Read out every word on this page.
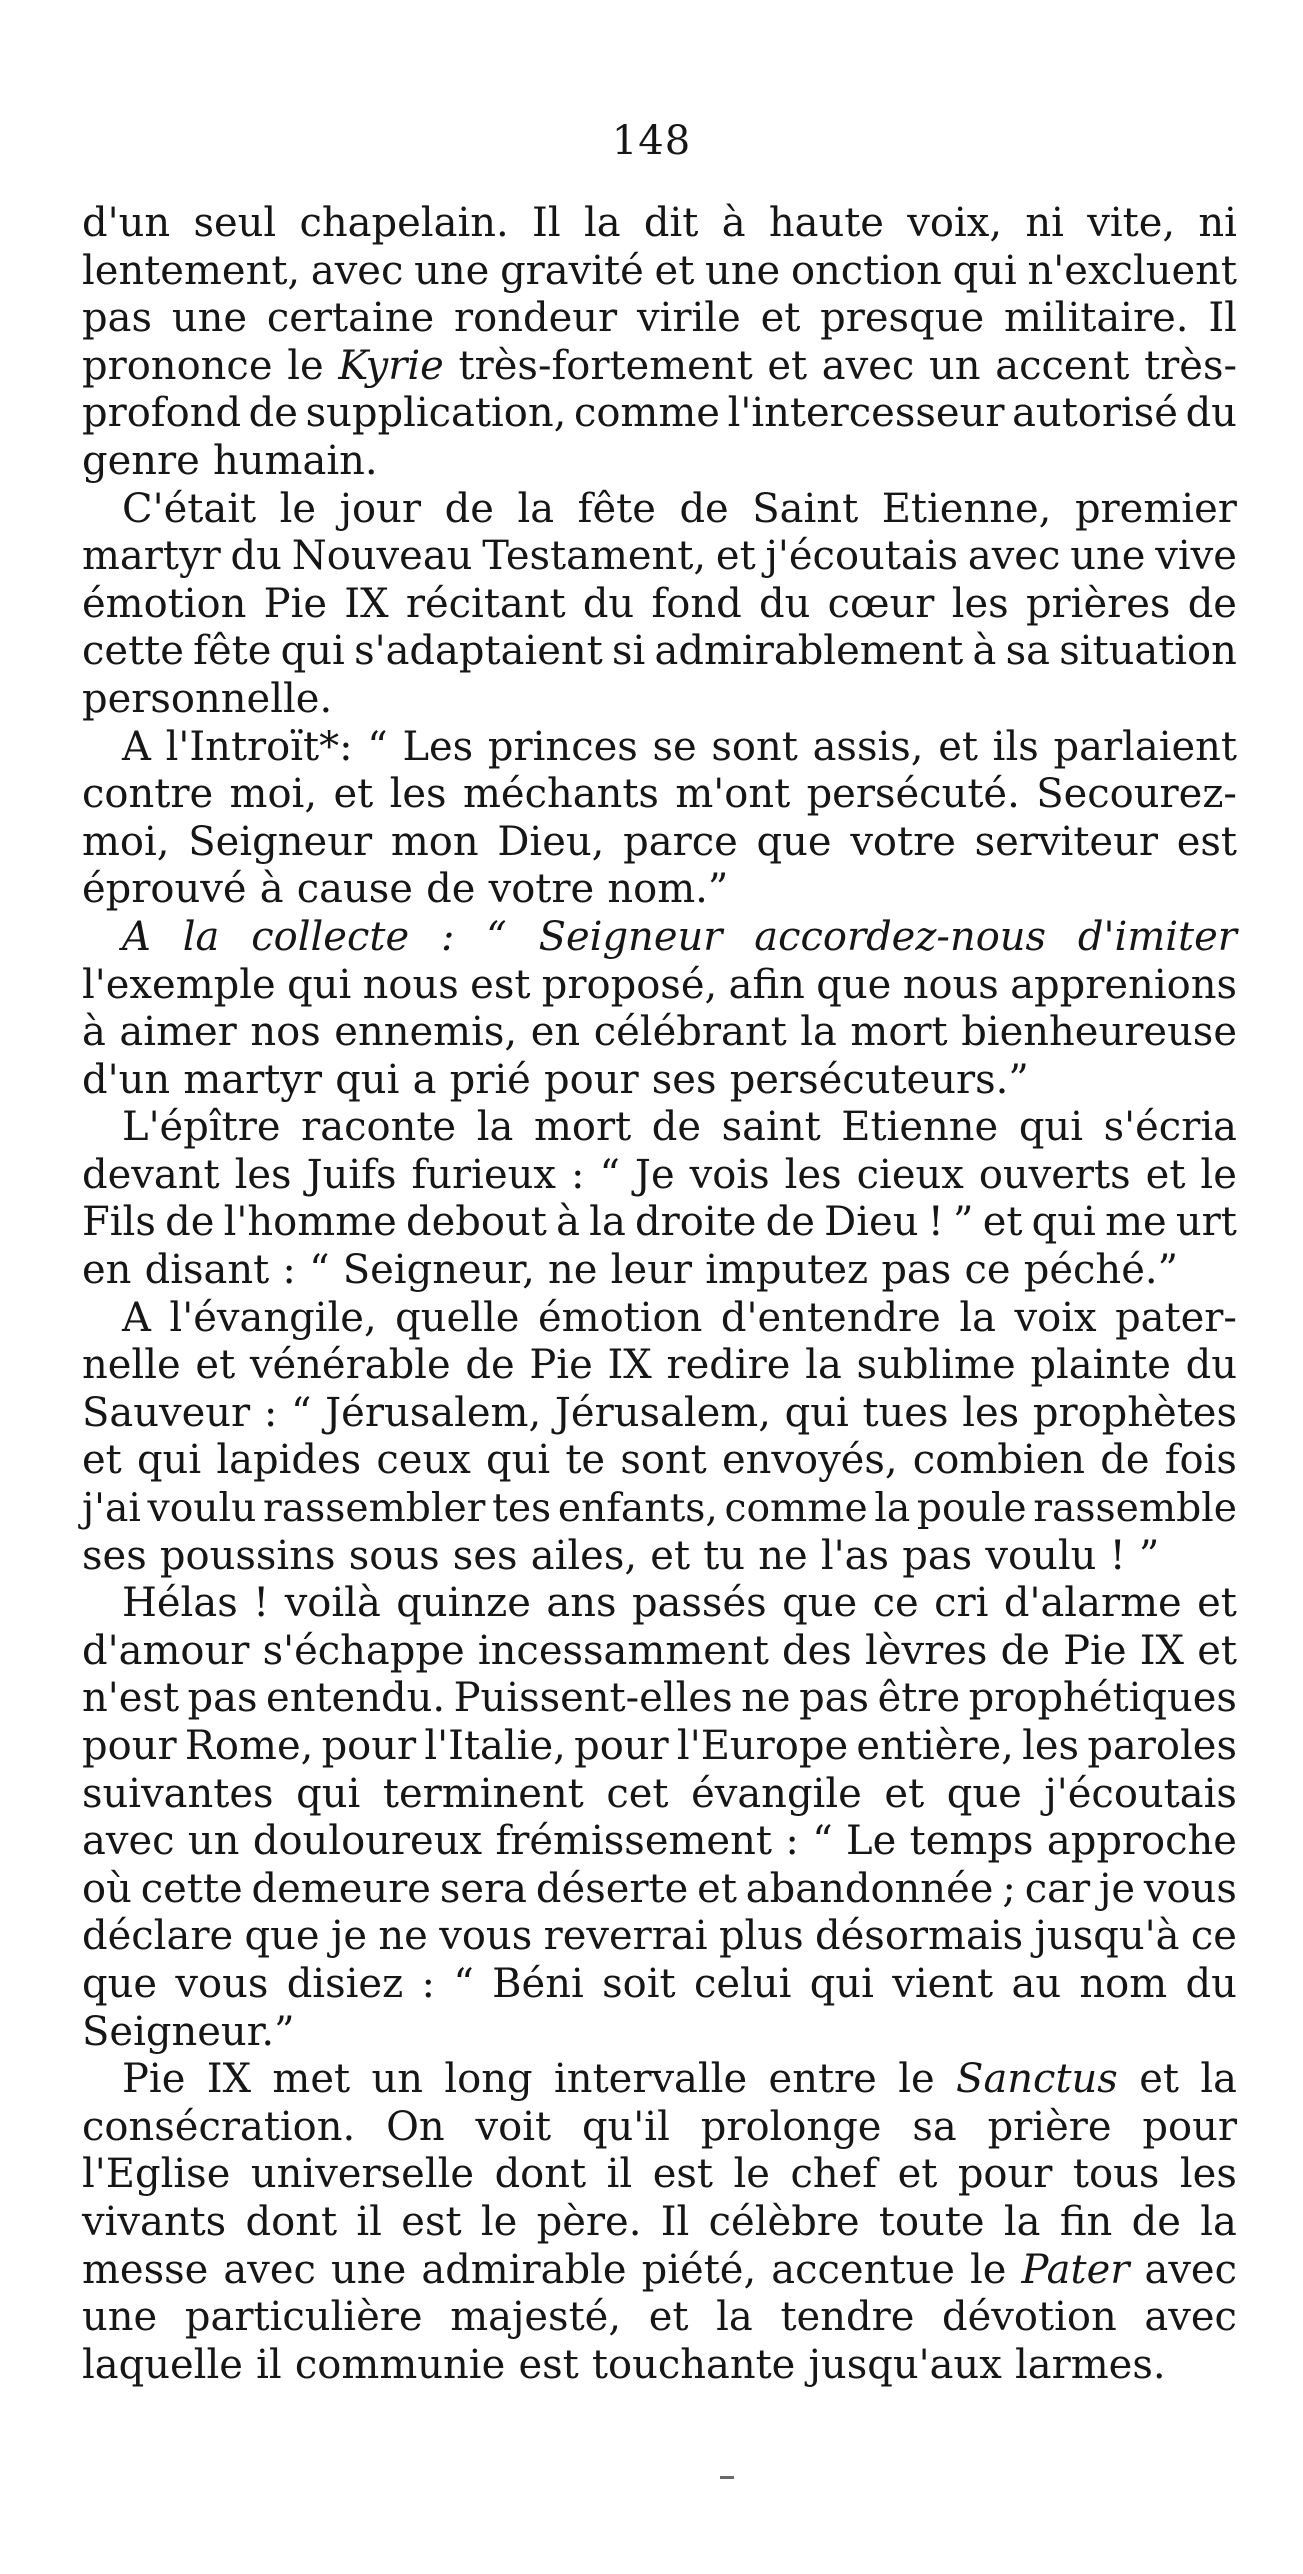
148
d'un seul chapelain. Il la dit à haute voix, ni vite, ni
lentement, avec une gravité et une onction qui n'excluent
pas une certaine rondeur virile et presque militaire. Il
prononce le Kyrie très-fortement et avec un accent très-
profond de supplication, comme l'intercesseur autorisé du
genre humain.
C'était le jour de la fête de Saint Etienne, premier
martyr du Nouveau Testament, et j'écoutais avec une vive
émotion Pie IX récitant du fond du cœur les prières de
cette fête qui s'adaptaient si admirablement à sa situation
personnelle.
A l'Introït*: “ Les princes se sont assis, et ils parlaient
contre moi, et les méchants m'ont persécuté. Secourez-
moi, Seigneur mon Dieu, parce que votre serviteur est
éprouvé à cause de votre nom.”
A la collecte : “ Seigneur accordez-nous d'imiter
l'exemple qui nous est proposé, afin que nous apprenions
à aimer nos ennemis, en célébrant la mort bienheureuse
d'un martyr qui a prié pour ses persécuteurs.”
L'épître raconte la mort de saint Etienne qui s'écria
devant les Juifs furieux : “ Je vois les cieux ouverts et le
Fils de l'homme debout à la droite de Dieu ! ” et qui me urt
en disant : “ Seigneur, ne leur imputez pas ce péché.”
A l'évangile, quelle émotion d'entendre la voix pater-
nelle et vénérable de Pie IX redire la sublime plainte du
Sauveur : “ Jérusalem, Jérusalem, qui tues les prophètes
et qui lapides ceux qui te sont envoyés, combien de fois
j'ai voulu rassembler tes enfants, comme la poule rassemble
ses poussins sous ses ailes, et tu ne l'as pas voulu ! ”
Hélas ! voilà quinze ans passés que ce cri d'alarme et
d'amour s'échappe incessamment des lèvres de Pie IX et
n'est pas entendu. Puissent-elles ne pas être prophétiques
pour Rome, pour l'Italie, pour l'Europe entière, les paroles
suivantes qui terminent cet évangile et que j'écoutais
avec un douloureux frémissement : “ Le temps approche
où cette demeure sera déserte et abandonnée ; car je vous
déclare que je ne vous reverrai plus désormais jusqu'à ce
que vous disiez : “ Béni soit celui qui vient au nom du
Seigneur.”
Pie IX met un long intervalle entre le Sanctus et la
consécration. On voit qu'il prolonge sa prière pour
l'Eglise universelle dont il est le chef et pour tous les
vivants dont il est le père. Il célèbre toute la fin de la
messe avec une admirable piété, accentue le Pater avec
une particulière majesté, et la tendre dévotion avec
laquelle il communie est touchante jusqu'aux larmes.
